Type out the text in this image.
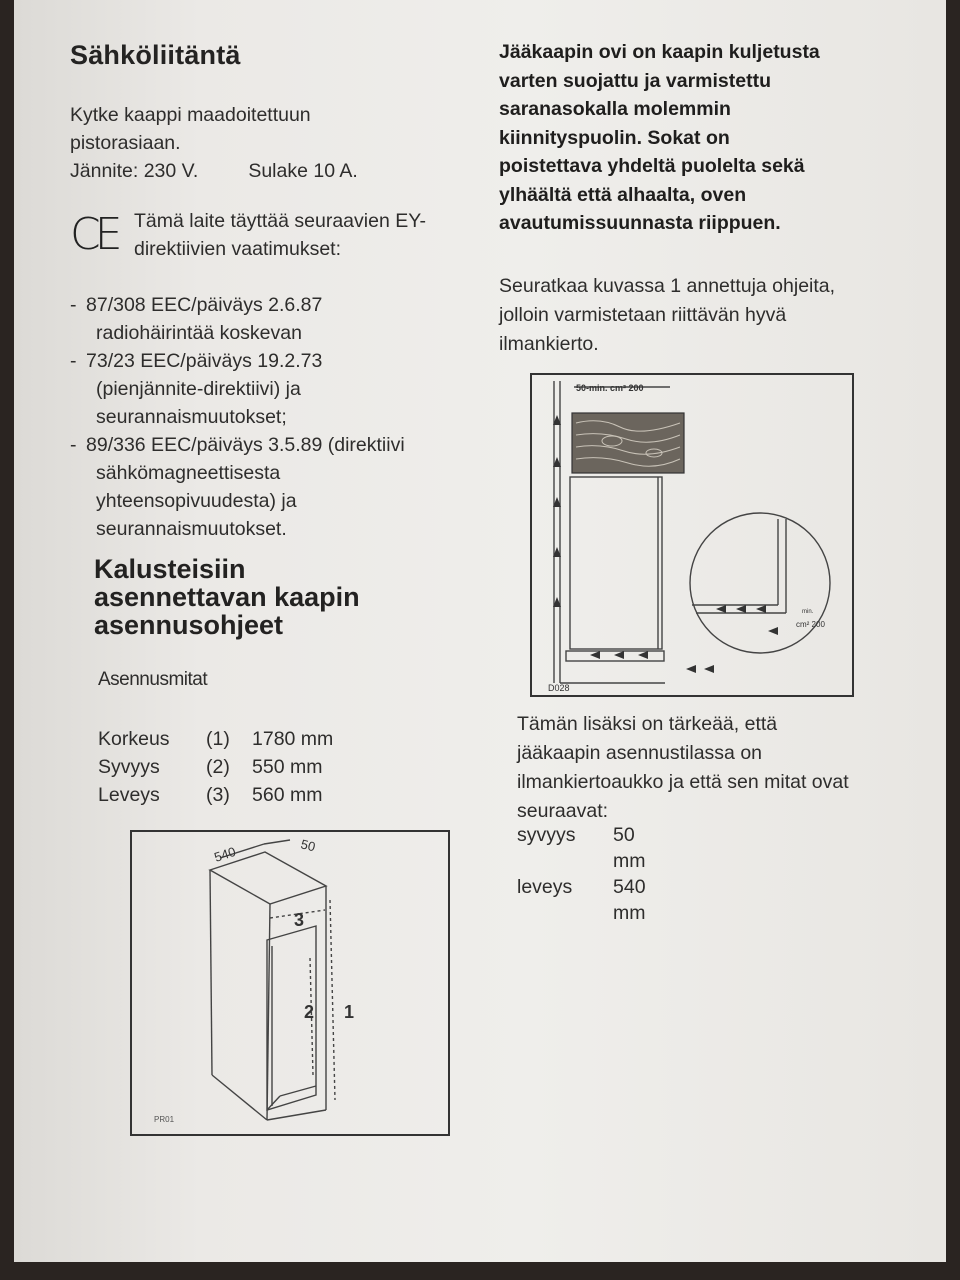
Sähköliitäntä

Kytke kaappi maadoitettuun

pistorasiaan.

Jännite: 230 V.	Sulake 10 A.
CE Tämä laite täyttää seuraavien EY-
direktiivien vaatimukset:
- 87/308 EEC/päiväys 2.6.87
radiohäirintää koskevan
- 73/23 EEC/päiväys 19.2.73
(pienjännite-direktiivi) ja
seurannaismuutokset;
- 89/336 EEC/päiväys 3.5.89 (direktiivi
sähkömagneettisesta
yhteensopivuudesta) ja
seurannaismuutokset.
Kalusteisiin
asennettavan kaapin
asennusohjeet
Asennusmitat
Korkeus	(1)	1780 mm
Syvyys	(2)	550 mm
Leveys	(3)	560 mm
540	50
3
2 1
PR01

Jääkaapin ovi on kaapin kuljetusta

varten suojattu ja varmistettu

saranasokalla molemmin

kiinnityspuolin. Sokat on

poistettava yhdeltä puolelta sekä

ylhäältä että alhaalta, oven

avautumissuunnasta riippuen.

Seuratkaa kuvassa 1 annettuja ohjeita,

jolloin varmistetaan riittävän hyvä

ilmankierto.

Tämän lisäksi on tärkeää, että

jääkaapin asennustilassa on

ilmankiertoaukko ja että sen mitat ovat

seuraavat:

syvyys	50 mm
leveys	540 mm
50-min. cm² 200
min.
cm² 200
D028
